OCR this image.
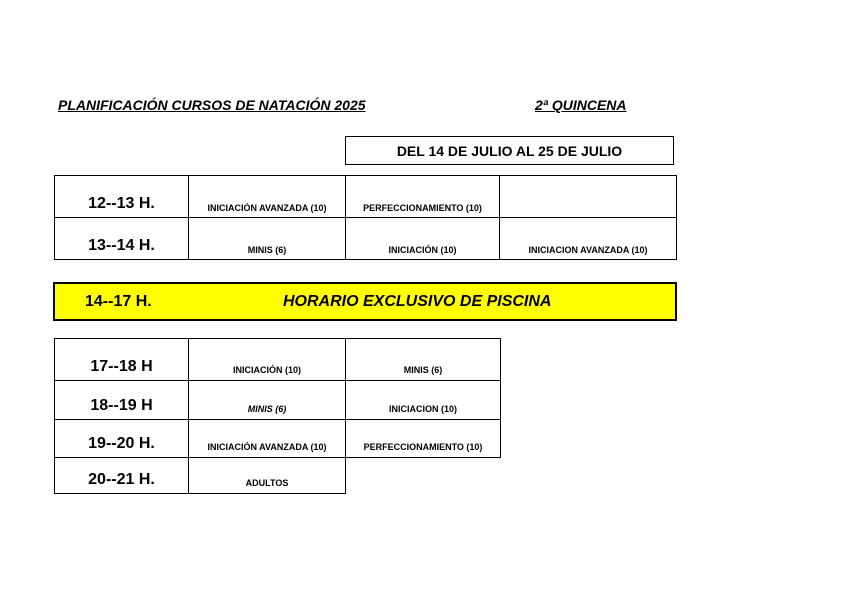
PLANIFICACIÓN CURSOS DE NATACIÓN 2025	2ª QUINCENA
DEL 14 DE JULIO AL 25 DE JULIO
12--13 H.	INICIACIÓN AVANZADA (10)	PERFECCIONAMIENTO (10)	
13--14 H.	MINIS (6)	INICIACIÓN (10)	INICIACION AVANZADA (10)
14--17 H.	HORARIO EXCLUSIVO DE PISCINA
17--18 H	INICIACIÓN (10)	MINIS (6)
18--19 H	MINIS (6)	INICIACION (10)
19--20 H.	INICIACIÓN AVANZADA (10)	PERFECCIONAMIENTO (10)
20--21 H.	ADULTOS	
